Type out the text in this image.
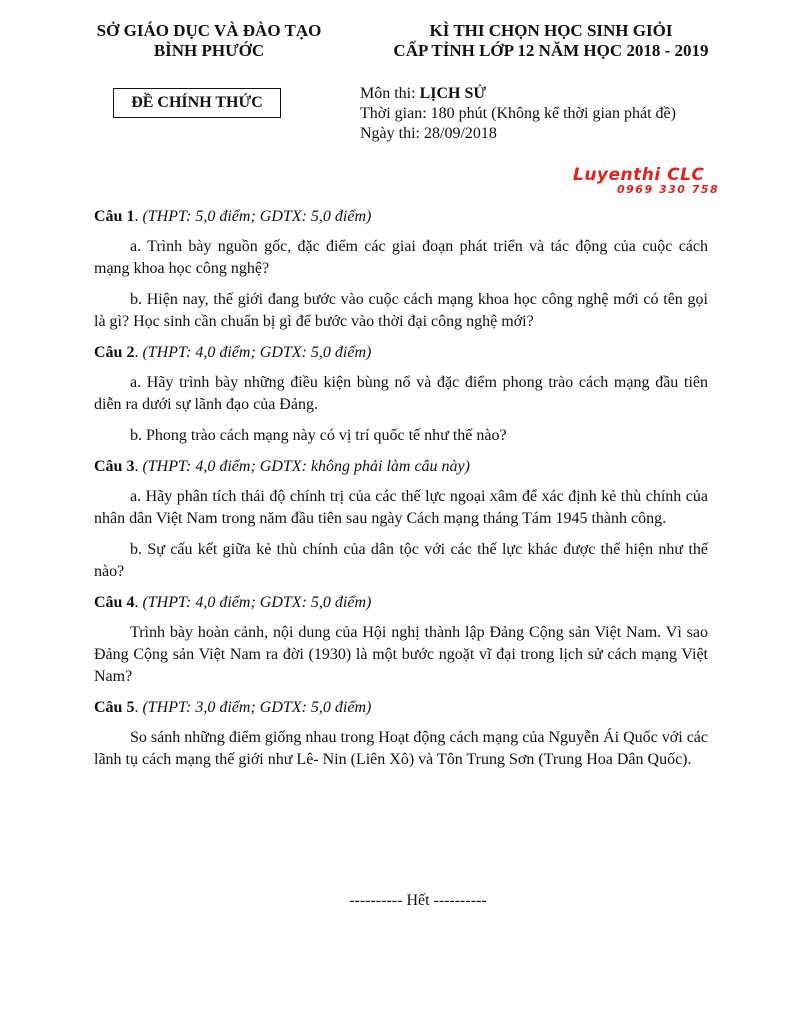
SỞ GIÁO DỤC VÀ ĐÀO TẠO
BÌNH PHƯỚC
KÌ THI CHỌN HỌC SINH GIỎI
CẤP TỈNH LỚP 12 NĂM HỌC 2018 - 2019
ĐỀ CHÍNH THỨC
Môn thi: LỊCH SỬ
Thời gian: 180 phút (Không kể thời gian phát đề)
Ngày thi: 28/09/2018
Luyenthi CLC
0969 330 758
Câu 1. (THPT: 5,0 điểm; GDTX: 5,0 điểm)
a. Trình bày nguồn gốc, đặc điểm các giai đoạn phát triển và tác động của cuộc cách mạng khoa học công nghệ?
b. Hiện nay, thế giới đang bước vào cuộc cách mạng khoa học công nghệ mới có tên gọi là gì? Học sinh cần chuẩn bị gì để bước vào thời đại công nghệ mới?
Câu 2. (THPT: 4,0 điểm; GDTX: 5,0 điểm)
a. Hãy trình bày những điều kiện bùng nổ và đặc điểm phong trào cách mạng đầu tiên diễn ra dưới sự lãnh đạo của Đảng.
b. Phong trào cách mạng này có vị trí quốc tế như thế nào?
Câu 3. (THPT: 4,0 điểm; GDTX: không phải làm câu này)
a. Hãy phân tích thái độ chính trị của các thế lực ngoại xâm để xác định kẻ thù chính của nhân dân Việt Nam trong năm đầu tiên sau ngày Cách mạng tháng Tám 1945 thành công.
b. Sự cấu kết giữa kẻ thù chính của dân tộc với các thế lực khác được thể hiện như thế nào?
Câu 4. (THPT: 4,0 điểm; GDTX: 5,0 điểm)
Trình bày hoàn cảnh, nội dung của Hội nghị thành lập Đảng Cộng sản Việt Nam. Vì sao Đảng Cộng sản Việt Nam ra đời (1930) là một bước ngoặt vĩ đại trong lịch sử cách mạng Việt Nam?
Câu 5. (THPT: 3,0 điểm; GDTX: 5,0 điểm)
So sánh những điểm giống nhau trong Hoạt động cách mạng của Nguyễn Ái Quốc với các lãnh tụ cách mạng thế giới như Lê- Nin (Liên Xô) và Tôn Trung Sơn (Trung Hoa Dân Quốc).
---------- Hết ----------
